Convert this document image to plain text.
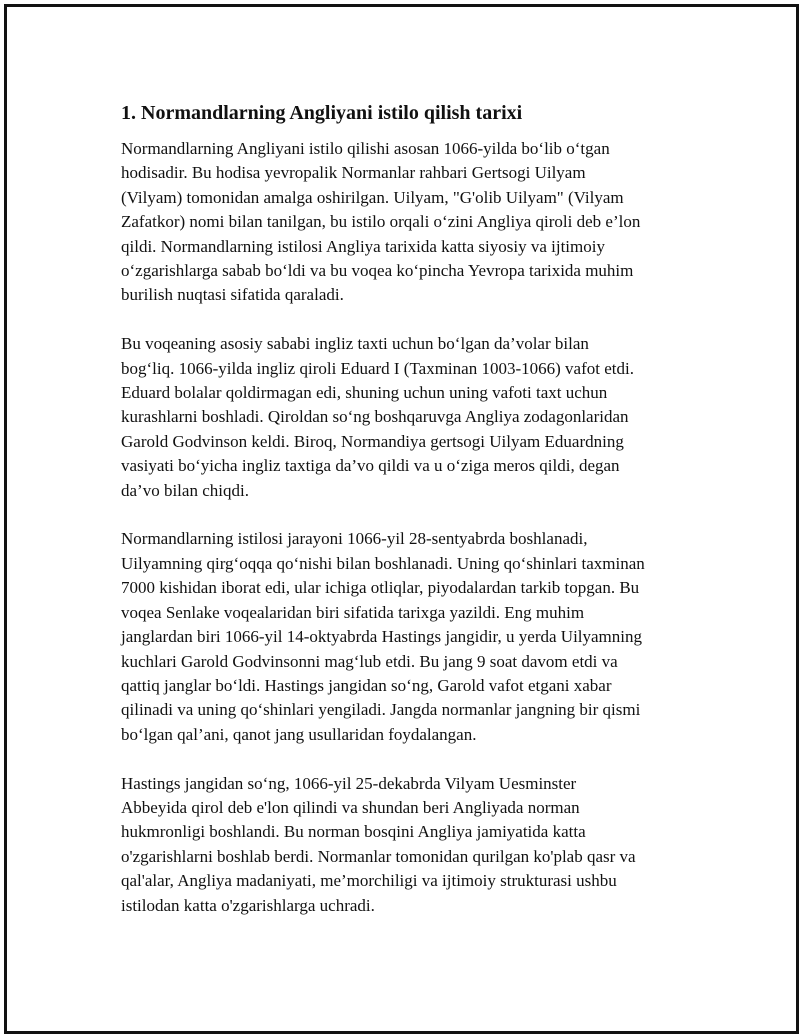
1. Normandlarning Angliyani istilo qilish tarixi

Normandlarning Angliyani istilo qilishi asosan 1066-yilda bo‘lib o‘tgan
hodisadir. Bu hodisa yevropalik Normanlar rahbari Gertsogi Uilyam
(Vilyam) tomonidan amalga oshirilgan. Uilyam, "G'olib Uilyam" (Vilyam
Zafatkor) nomi bilan tanilgan, bu istilo orqali o‘zini Angliya qiroli deb e’lon
qildi. Normandlarning istilosi Angliya tarixida katta siyosiy va ijtimoiy
o‘zgarishlarga sabab bo‘ldi va bu voqea ko‘pincha Yevropa tarixida muhim
burilish nuqtasi sifatida qaraladi.

Bu voqeaning asosiy sababi ingliz taxti uchun bo‘lgan da’volar bilan
bog‘liq. 1066-yilda ingliz qiroli Eduard I (Taxminan 1003-1066) vafot etdi.
Eduard bolalar qoldirmagan edi, shuning uchun uning vafoti taxt uchun
kurashlarni boshladi. Qiroldan so‘ng boshqaruvga Angliya zodagonlaridan
Garold Godvinson keldi. Biroq, Normandiya gertsogi Uilyam Eduardning
vasiyati bo‘yicha ingliz taxtiga da’vo qildi va u o‘ziga meros qildi, degan
da’vo bilan chiqdi.

Normandlarning istilosi jarayoni 1066-yil 28-sentyabrda boshlanadi,
Uilyamning qirg‘oqqa qo‘nishi bilan boshlanadi. Uning qo‘shinlari taxminan
7000 kishidan iborat edi, ular ichiga otliqlar, piyodalardan tarkib topgan. Bu
voqea Senlake voqealaridan biri sifatida tarixga yazildi. Eng muhim
janglardan biri 1066-yil 14-oktyabrda Hastings jangidir, u yerda Uilyamning
kuchlari Garold Godvinsonni mag‘lub etdi. Bu jang 9 soat davom etdi va
qattiq janglar bo‘ldi. Hastings jangidan so‘ng, Garold vafot etgani xabar
qilinadi va uning qo‘shinlari yengiladi. Jangda normanlar jangning bir qismi
bo‘lgan qal’ani, qanot jang usullaridan foydalangan.

Hastings jangidan so‘ng, 1066-yil 25-dekabrda Vilyam Uesminster
Abbeyida qirol deb e'lon qilindi va shundan beri Angliyada norman
hukmronligi boshlandi. Bu norman bosqini Angliya jamiyatida katta
o'zgarishlarni boshlab berdi. Normanlar tomonidan qurilgan ko'plab qasr va
qal'alar, Angliya madaniyati, me’morchiligi va ijtimoiy strukturasi ushbu
istilodan katta o'zgarishlarga uchradi.
